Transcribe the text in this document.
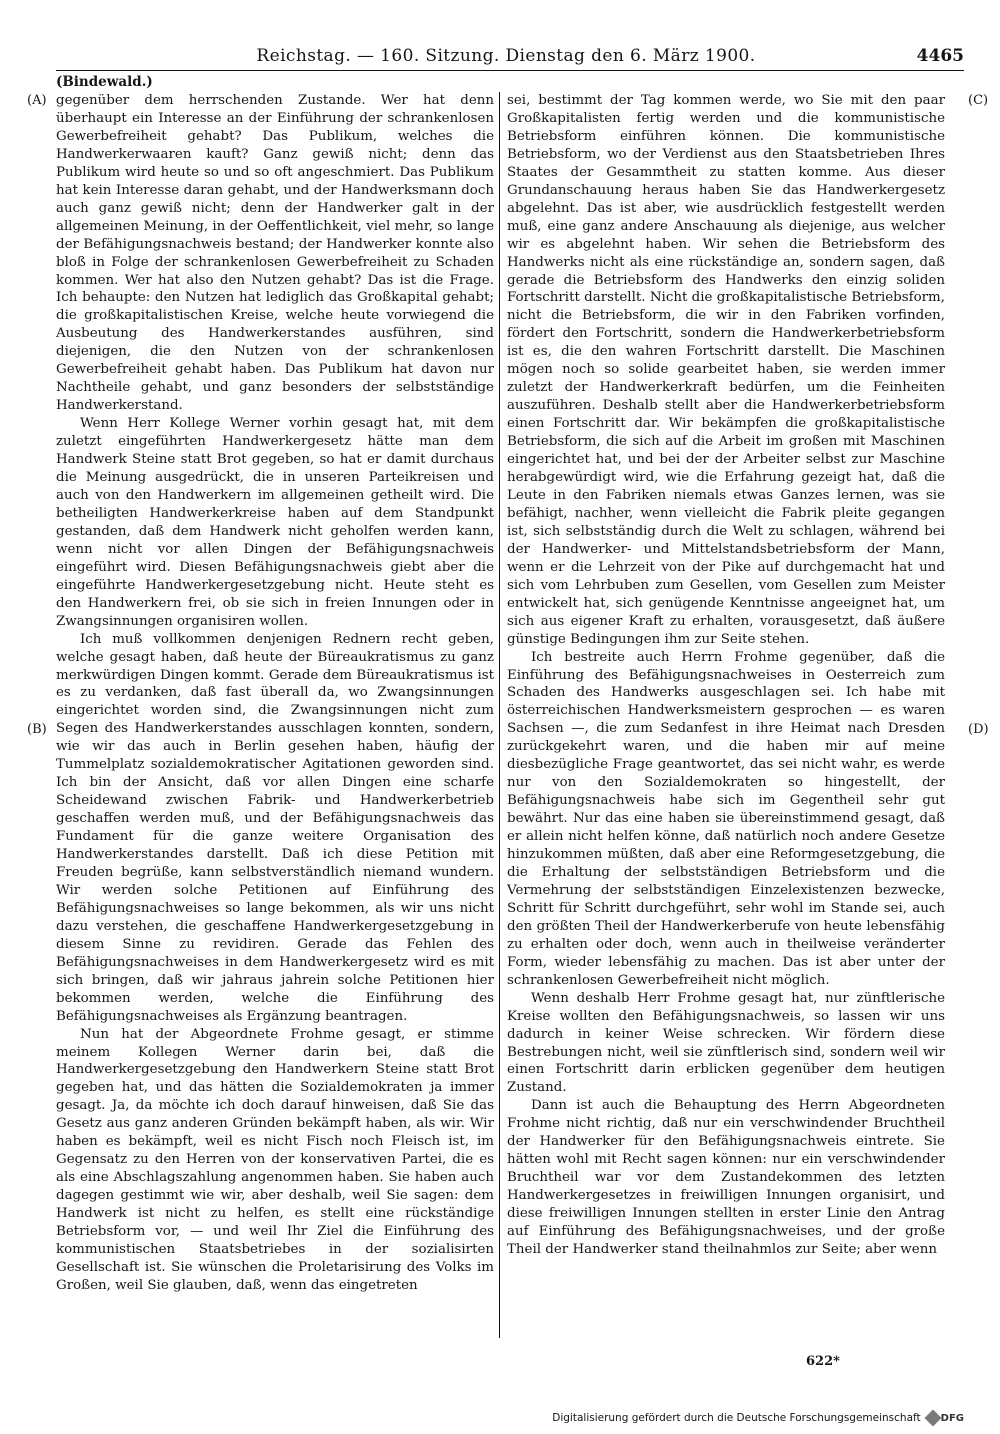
Reichstag. — 160. Sitzung. Dienstag den 6. März 1900.	4465
(Bindewald.)
(A)
(B)
(C)
(D)

gegenüber dem herrschenden Zustande. Wer hat denn überhaupt ein Interesse an der Einführung der schrankenlosen Gewerbefreiheit gehabt? Das Publikum, welches die Handwerkerwaaren kauft? Ganz gewiß nicht; denn das Publikum wird heute so und so oft angeschmiert. Das Publikum hat kein Interesse daran gehabt, und der Handwerksmann doch auch ganz gewiß nicht; denn der Handwerker galt in der allgemeinen Meinung, in der Oeffentlichkeit, viel mehr, so lange der Befähigungsnachweis bestand; der Handwerker konnte also bloß in Folge der schrankenlosen Gewerbefreiheit zu Schaden kommen. Wer hat also den Nutzen gehabt? Das ist die Frage. Ich behaupte: den Nutzen hat lediglich das Großkapital gehabt; die großkapitalistischen Kreise, welche heute vorwiegend die Ausbeutung des Handwerkerstandes ausführen, sind diejenigen, die den Nutzen von der schrankenlosen Gewerbefreiheit gehabt haben. Das Publikum hat davon nur Nachtheile gehabt, und ganz besonders der selbstständige Handwerkerstand.

Wenn Herr Kollege Werner vorhin gesagt hat, mit dem zuletzt eingeführten Handwerkergesetz hätte man dem Handwerk Steine statt Brot gegeben, so hat er damit durchaus die Meinung ausgedrückt, die in unseren Parteikreisen und auch von den Handwerkern im allgemeinen getheilt wird. Die betheiligten Handwerkerkreise haben auf dem Standpunkt gestanden, daß dem Handwerk nicht geholfen werden kann, wenn nicht vor allen Dingen der Befähigungsnachweis eingeführt wird. Diesen Befähigungsnachweis giebt aber die eingeführte Handwerkergesetzgebung nicht. Heute steht es den Handwerkern frei, ob sie sich in freien Innungen oder in Zwangsinnungen organisiren wollen.

Ich muß vollkommen denjenigen Rednern recht geben, welche gesagt haben, daß heute der Büreaukratismus zu ganz merkwürdigen Dingen kommt. Gerade dem Büreaukratismus ist es zu verdanken, daß fast überall da, wo Zwangsinnungen eingerichtet worden sind, die Zwangsinnungen nicht zum Segen des Handwerkerstandes ausschlagen konnten, sondern, wie wir das auch in Berlin gesehen haben, häufig der Tummelplatz sozialdemokratischer Agitationen geworden sind. Ich bin der Ansicht, daß vor allen Dingen eine scharfe Scheidewand zwischen Fabrik- und Handwerkerbetrieb geschaffen werden muß, und der Befähigungsnachweis das Fundament für die ganze weitere Organisation des Handwerkerstandes darstellt. Daß ich diese Petition mit Freuden begrüße, kann selbstverständlich niemand wundern. Wir werden solche Petitionen auf Einführung des Befähigungsnachweises so lange bekommen, als wir uns nicht dazu verstehen, die geschaffene Handwerkergesetzgebung in diesem Sinne zu revidiren. Gerade das Fehlen des Befähigungsnachweises in dem Handwerkergesetz wird es mit sich bringen, daß wir jahraus jahrein solche Petitionen hier bekommen werden, welche die Einführung des Befähigungsnachweises als Ergänzung beantragen.

Nun hat der Abgeordnete Frohme gesagt, er stimme meinem Kollegen Werner darin bei, daß die Handwerkergesetzgebung den Handwerkern Steine statt Brot gegeben hat, und das hätten die Sozialdemokraten ja immer gesagt. Ja, da möchte ich doch darauf hinweisen, daß Sie das Gesetz aus ganz anderen Gründen bekämpft haben, als wir. Wir haben es bekämpft, weil es nicht Fisch noch Fleisch ist, im Gegensatz zu den Herren von der konservativen Partei, die es als eine Abschlagszahlung angenommen haben. Sie haben auch dagegen gestimmt wie wir, aber deshalb, weil Sie sagen: dem Handwerk ist nicht zu helfen, es stellt eine rückständige Betriebsform vor, — und weil Ihr Ziel die Einführung des kommunistischen Staatsbetriebes in der sozialisirten Gesellschaft ist. Sie wünschen die Proletarisirung des Volks im Großen, weil Sie glauben, daß, wenn das eingetreten

sei, bestimmt der Tag kommen werde, wo Sie mit den paar Großkapitalisten fertig werden und die kommunistische Betriebsform einführen können. Die kommunistische Betriebsform, wo der Verdienst aus den Staatsbetrieben Ihres Staates der Gesammtheit zu statten komme. Aus dieser Grundanschauung heraus haben Sie das Handwerkergesetz abgelehnt. Das ist aber, wie ausdrücklich festgestellt werden muß, eine ganz andere Anschauung als diejenige, aus welcher wir es abgelehnt haben. Wir sehen die Betriebsform des Handwerks nicht als eine rückständige an, sondern sagen, daß gerade die Betriebsform des Handwerks den einzig soliden Fortschritt darstellt. Nicht die großkapitalistische Betriebsform, nicht die Betriebsform, die wir in den Fabriken vorfinden, fördert den Fortschritt, sondern die Handwerkerbetriebsform ist es, die den wahren Fortschritt darstellt. Die Maschinen mögen noch so solide gearbeitet haben, sie werden immer zuletzt der Handwerkerkraft bedürfen, um die Feinheiten auszuführen. Deshalb stellt aber die Handwerkerbetriebsform einen Fortschritt dar. Wir bekämpfen die großkapitalistische Betriebsform, die sich auf die Arbeit im großen mit Maschinen eingerichtet hat, und bei der der Arbeiter selbst zur Maschine herabgewürdigt wird, wie die Erfahrung gezeigt hat, daß die Leute in den Fabriken niemals etwas Ganzes lernen, was sie befähigt, nachher, wenn vielleicht die Fabrik pleite gegangen ist, sich selbstständig durch die Welt zu schlagen, während bei der Handwerker- und Mittelstandsbetriebsform der Mann, wenn er die Lehrzeit von der Pike auf durchgemacht hat und sich vom Lehrbuben zum Gesellen, vom Gesellen zum Meister entwickelt hat, sich genügende Kenntnisse angeeignet hat, um sich aus eigener Kraft zu erhalten, vorausgesetzt, daß äußere günstige Bedingungen ihm zur Seite stehen.

Ich bestreite auch Herrn Frohme gegenüber, daß die Einführung des Befähigungsnachweises in Oesterreich zum Schaden des Handwerks ausgeschlagen sei. Ich habe mit österreichischen Handwerksmeistern gesprochen — es waren Sachsen —, die zum Sedanfest in ihre Heimat nach Dresden zurückgekehrt waren, und die haben mir auf meine diesbezügliche Frage geantwortet, das sei nicht wahr, es werde nur von den Sozialdemokraten so hingestellt, der Befähigungsnachweis habe sich im Gegentheil sehr gut bewährt. Nur das eine haben sie übereinstimmend gesagt, daß er allein nicht helfen könne, daß natürlich noch andere Gesetze hinzukommen müßten, daß aber eine Reformgesetzgebung, die die Erhaltung der selbstständigen Betriebsform und die Vermehrung der selbstständigen Einzelexistenzen bezwecke, Schritt für Schritt durchgeführt, sehr wohl im Stande sei, auch den größten Theil der Handwerkerberufe von heute lebensfähig zu erhalten oder doch, wenn auch in theilweise veränderter Form, wieder lebensfähig zu machen. Das ist aber unter der schrankenlosen Gewerbefreiheit nicht möglich.

Wenn deshalb Herr Frohme gesagt hat, nur zünftlerische Kreise wollten den Befähigungsnachweis, so lassen wir uns dadurch in keiner Weise schrecken. Wir fördern diese Bestrebungen nicht, weil sie zünftlerisch sind, sondern weil wir einen Fortschritt darin erblicken gegenüber dem heutigen Zustand.

Dann ist auch die Behauptung des Herrn Abgeordneten Frohme nicht richtig, daß nur ein verschwindender Bruchtheil der Handwerker für den Befähigungsnachweis eintrete. Sie hätten wohl mit Recht sagen können: nur ein verschwindender Bruchtheil war vor dem Zustandekommen des letzten Handwerkergesetzes in freiwilligen Innungen organisirt, und diese freiwilligen Innungen stellten in erster Linie den Antrag auf Einführung des Befähigungsnachweises, und der große Theil der Handwerker stand theilnahmlos zur Seite; aber wenn

622*
Digitalisierung gefördert durch die Deutsche Forschungsgemeinschaft DFG
